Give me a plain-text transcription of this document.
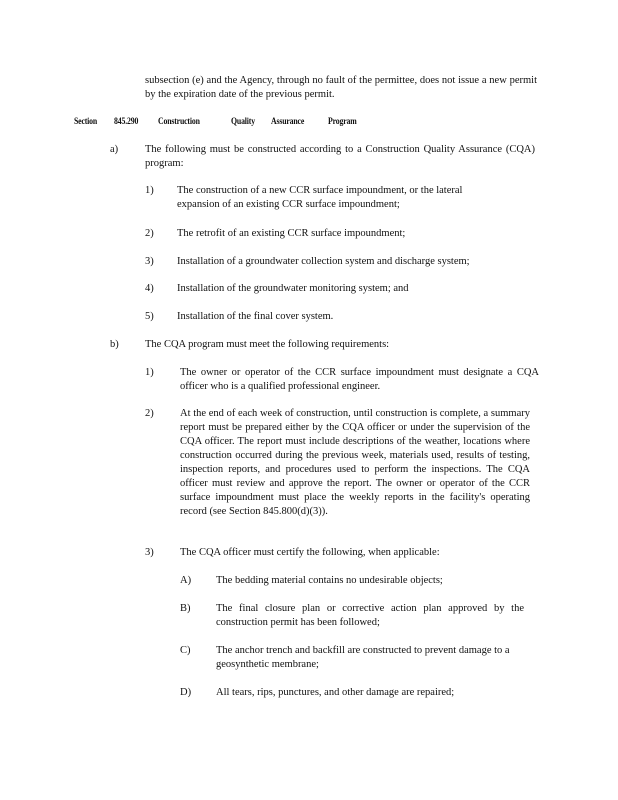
subsection (e) and the Agency, through no fault of the permittee, does not issue a new permit by the expiration date of the previous permit.
Section 845.290 Construction	Quality Assurance	Program
a)	The following must be constructed according to a Construction Quality Assurance (CQA) program:
1) The construction of a new CCR surface impoundment, or the lateral expansion of an existing CCR surface impoundment;
2) The retrofit of an existing CCR surface impoundment;
3) Installation of a groundwater collection system and discharge system;
4) Installation of the groundwater monitoring system; and
5) Installation of the final cover system.
b)	The CQA program must meet the following requirements:
1)	The owner or operator of the CCR surface impoundment must designate a CQA officer who is a qualified professional engineer.
2)	At the end of each week of construction, until construction is complete, a summary report must be prepared either by the CQA officer or under the supervision of the CQA officer. The report must include descriptions of the weather, locations where construction occurred during the previous week, materials used, results of testing, inspection reports, and procedures used to perform the inspections. The CQA officer must review and approve the report. The owner or operator of the CCR surface impoundment must place the weekly reports in the facility's operating record (see Section 845.800(d)(3)).
3)	The CQA officer must certify the following, when applicable:
A) The bedding material contains no undesirable objects;
B) The final closure plan or corrective action plan approved by the construction permit has been followed;
C) The anchor trench and backfill are constructed to prevent damage to a geosynthetic membrane;
D) All tears, rips, punctures, and other damage are repaired;
